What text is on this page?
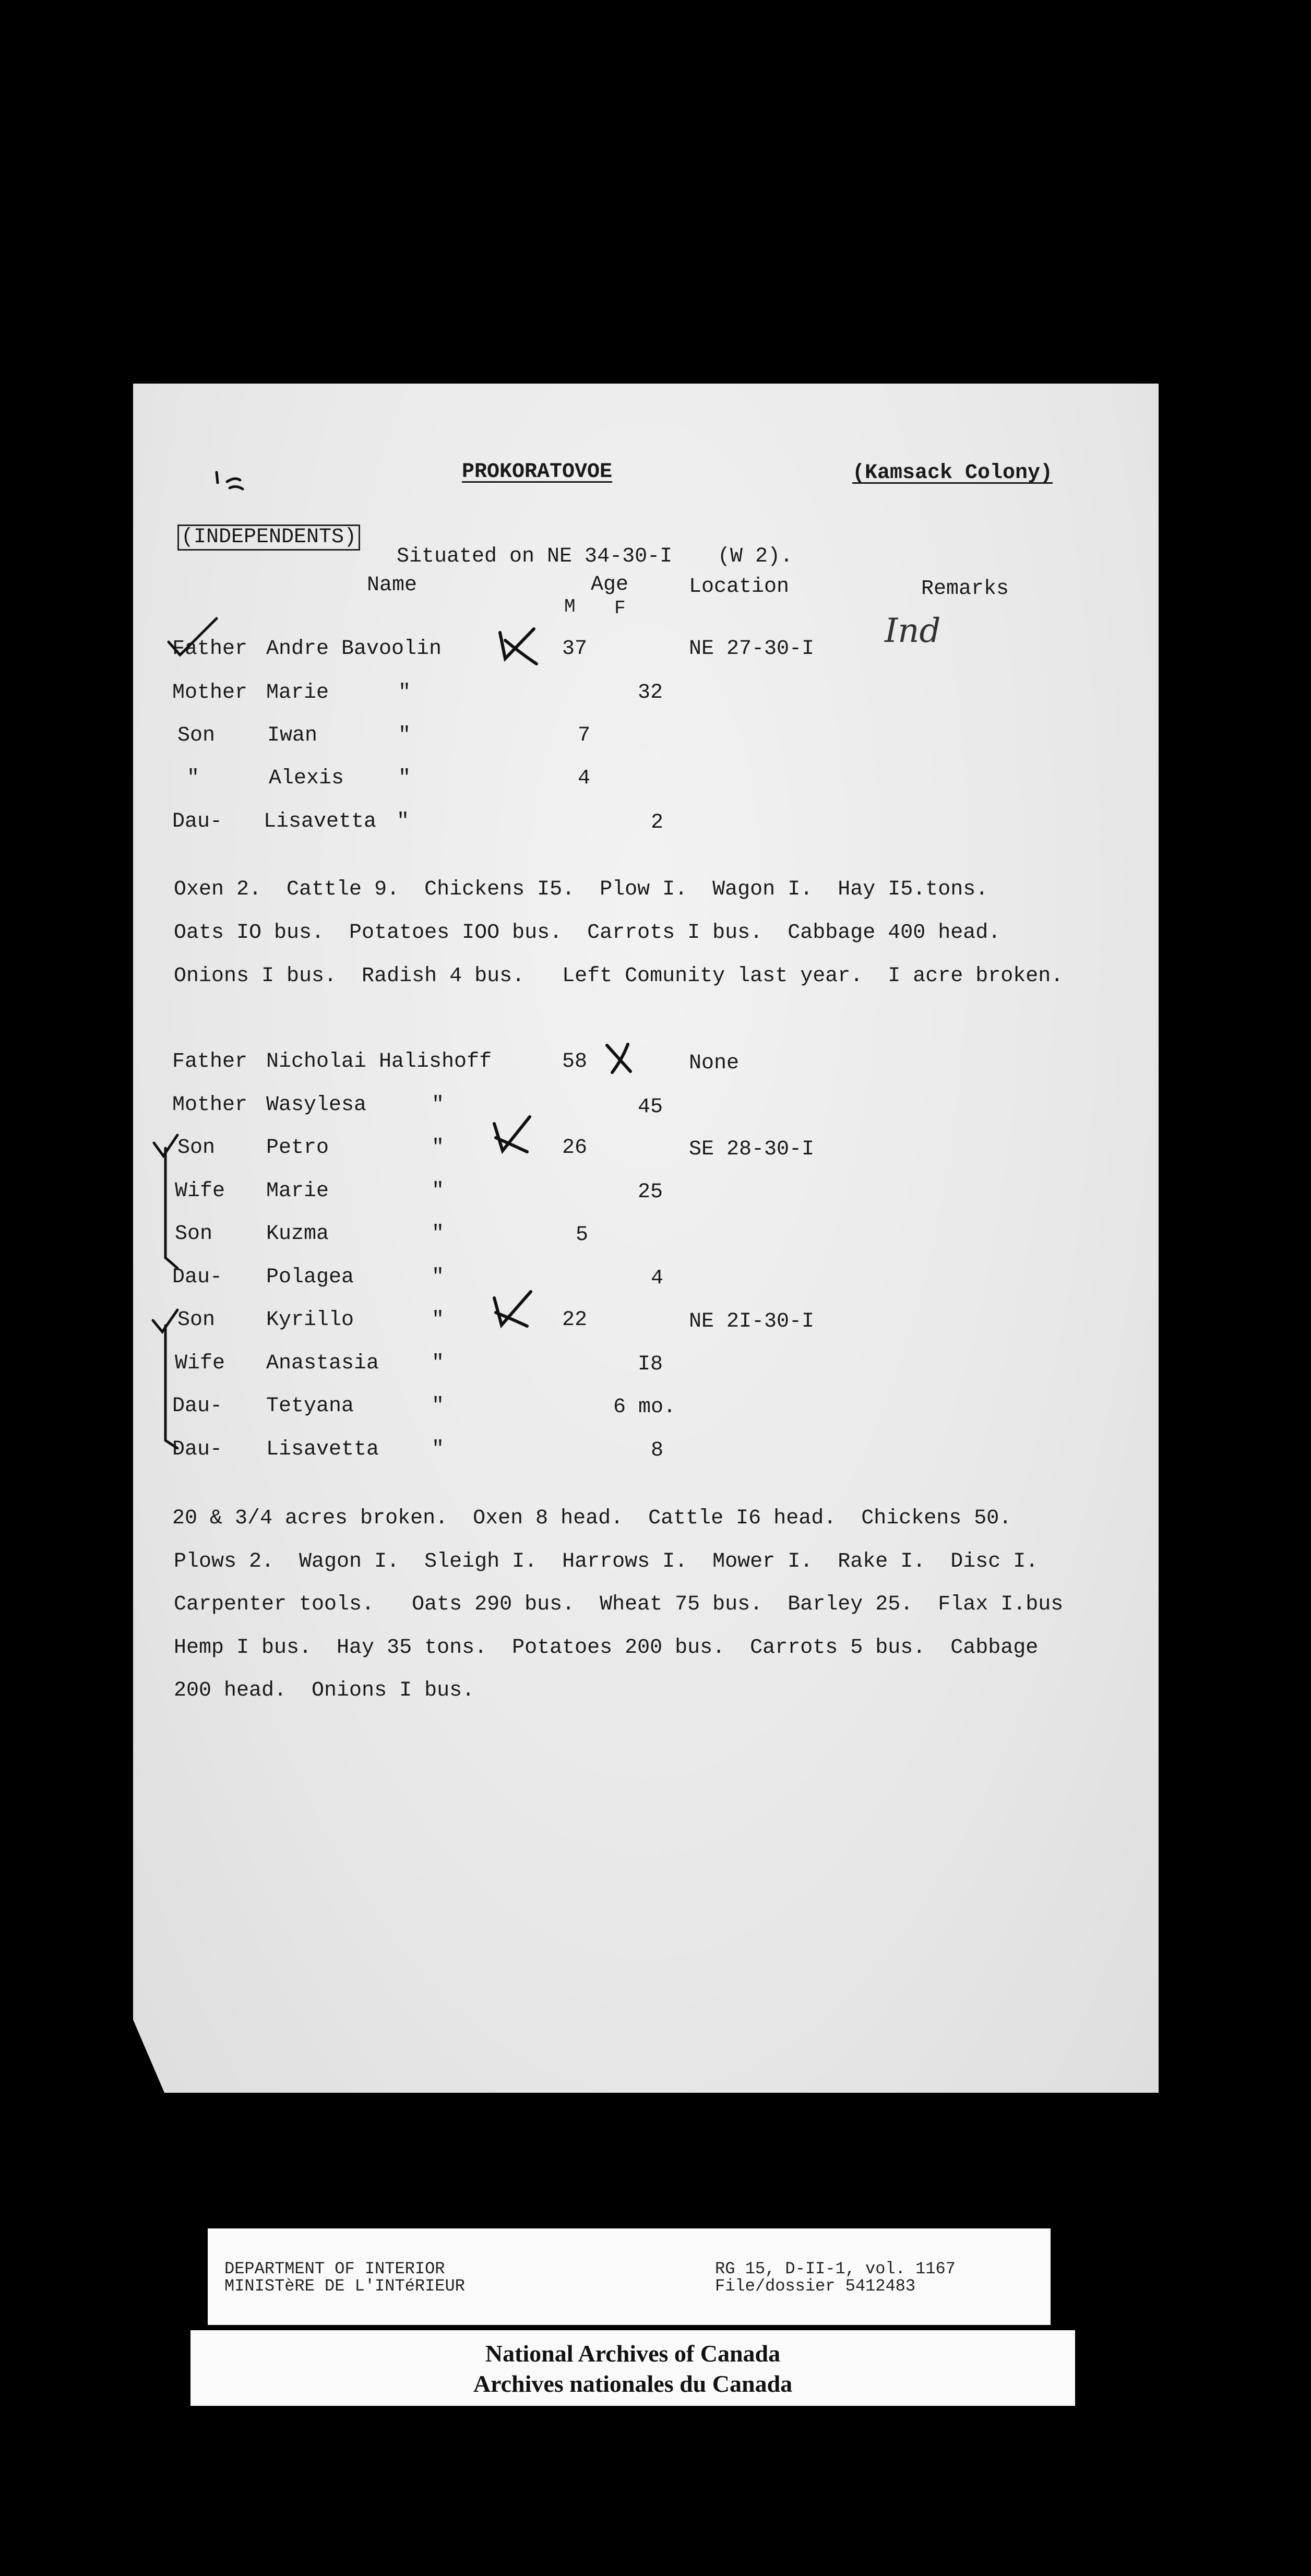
PROKORATOVOE	(Kamsack Colony)
(INDEPENDENTS)
Situated on NE 34-30-I (W 2).
Name	Age
M F
Location	Remarks
Father Andre Bavoolin	37	NE 27-30-I
Mother Marie	"	32
Son Iwan	"	7
"	Alexis	"	4
Dau- Lisavetta "	2
Oxen 2.  Cattle 9.  Chickens I5.  Plow I.  Wagon I.  Hay I5.tons.
Oats IO bus.  Potatoes IOO bus.  Carrots I bus.  Cabbage 400 head.
Onions I bus.  Radish 4 bus.   Left Comunity last year.  I acre broken.
Father Nicholai Halishoff	58	None
Mother Wasylesa	"	45
Son Petro	"	26	SE 28-30-I
Wife Marie	"	25
Son	Kuzma	"	5
Dau- Polagea	"	4
Son Kyrillo	"	22	NE 2I-30-I
Wife Anastasia	"	I8
Dau- Tetyana	"	6 mo.
Dau- Lisavetta	"	8
20 & 3/4 acres broken.  Oxen 8 head.  Cattle I6 head.  Chickens 50.
Plows 2.  Wagon I.  Sleigh I.  Harrows I.  Mower I.  Rake I.  Disc I.
Carpenter tools.   Oats 290 bus.  Wheat 75 bus.  Barley 25.  Flax I.bus
Hemp I bus.  Hay 35 tons.  Potatoes 200 bus.  Carrots 5 bus.  Cabbage
200 head.  Onions I bus.
Ind
DEPARTMENT OF INTERIOR
MINISTèRE DE L'INTéRIEUR
RG 15, D-II-1, vol. 1167
File/dossier 5412483
National Archives of Canada
Archives nationales du Canada
